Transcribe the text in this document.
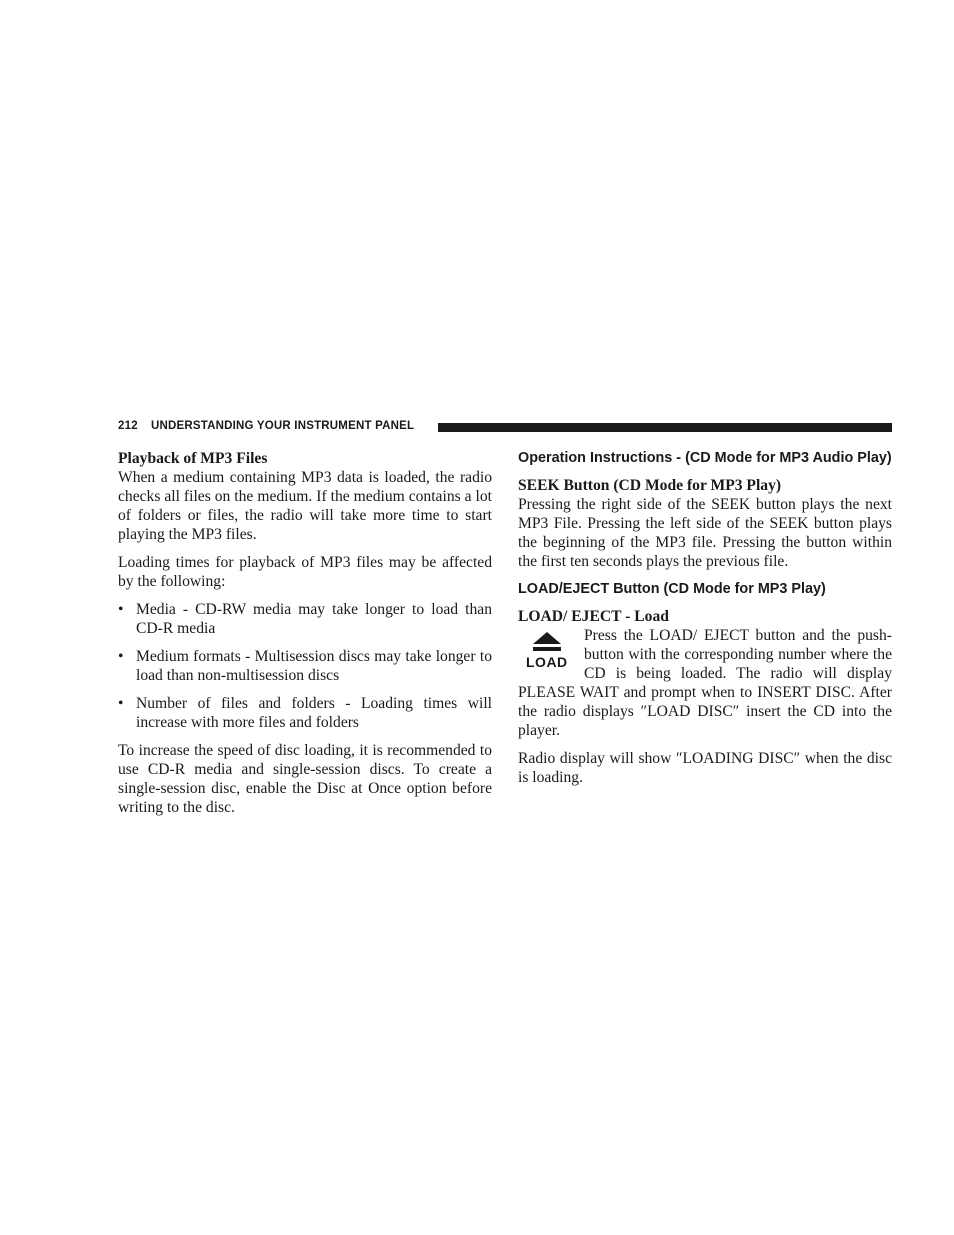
212 UNDERSTANDING YOUR INSTRUMENT PANEL

Playback of MP3 Files

When a medium containing MP3 data is loaded, the radio checks all files on the medium. If the medium contains a lot of folders or files, the radio will take more time to start playing the MP3 files.

Loading times for playback of MP3 files may be affected by the following:

• Media - CD-RW media may take longer to load than CD-R media
• Medium formats - Multisession discs may take longer to load than non-multisession discs
• Number of files and folders - Loading times will increase with more files and folders

To increase the speed of disc loading, it is recommended to use CD-R media and single-session discs. To create a single-session disc, enable the Disc at Once option before writing to the disc.

Operation Instructions - (CD Mode for MP3 Audio Play)

SEEK Button (CD Mode for MP3 Play)

Pressing the right side of the SEEK button plays the next MP3 File. Pressing the left side of the SEEK button plays the beginning of the MP3 file. Pressing the button within the first ten seconds plays the previous file.

LOAD/EJECT Button (CD Mode for MP3 Play)

LOAD/ EJECT - Load

LOAD

Press the LOAD/ EJECT button and the push-button with the corresponding number where the CD is being loaded. The radio will display PLEASE WAIT and prompt when to INSERT DISC. After the radio displays ″LOAD DISC″ insert the CD into the player.

Radio display will show ″LOADING DISC″ when the disc is loading.
